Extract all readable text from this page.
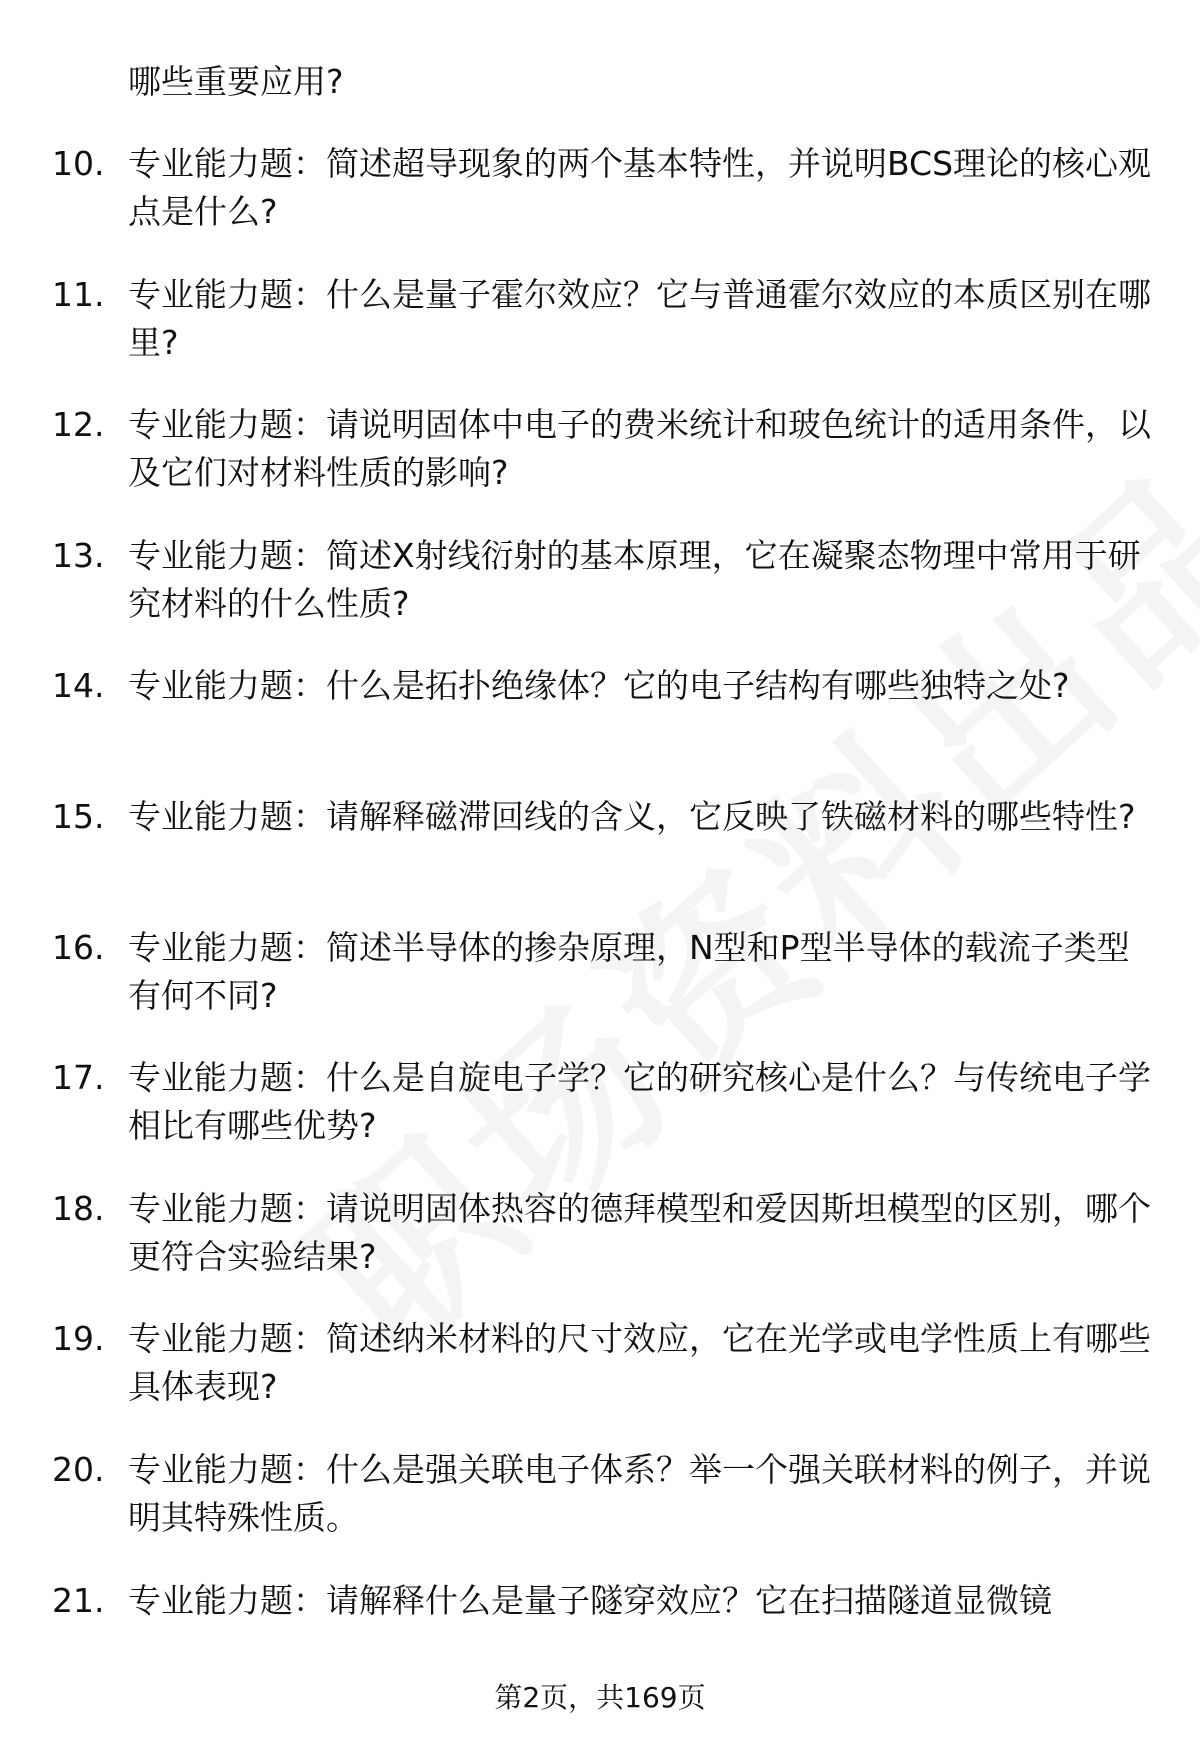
哪些重要应用?
10. 专业能力题：简述超导现象的两个基本特性，并说明BCS理论的核心观点是什么?
11. 专业能力题：什么是量子霍尔效应？它与普通霍尔效应的本质区别在哪里?
12. 专业能力题：请说明固体中电子的费米统计和玻色统计的适用条件，以及它们对材料性质的影响?
13. 专业能力题：简述X射线衍射的基本原理，它在凝聚态物理中常用于研究材料的什么性质?
14. 专业能力题：什么是拓扑绝缘体？它的电子结构有哪些独特之处?
15. 专业能力题：请解释磁滞回线的含义，它反映了铁磁材料的哪些特性?
16. 专业能力题：简述半导体的掺杂原理，N型和P型半导体的载流子类型有何不同?
17. 专业能力题：什么是自旋电子学？它的研究核心是什么？与传统电子学相比有哪些优势?
18. 专业能力题：请说明固体热容的德拜模型和爱因斯坦模型的区别，哪个更符合实验结果?
19. 专业能力题：简述纳米材料的尺寸效应，它在光学或电学性质上有哪些具体表现?
20. 专业能力题：什么是强关联电子体系？举一个强关联材料的例子，并说明其特殊性质。
21. 专业能力题：请解释什么是量子隧穿效应？它在扫描隧道显微镜
第2页，共169页
